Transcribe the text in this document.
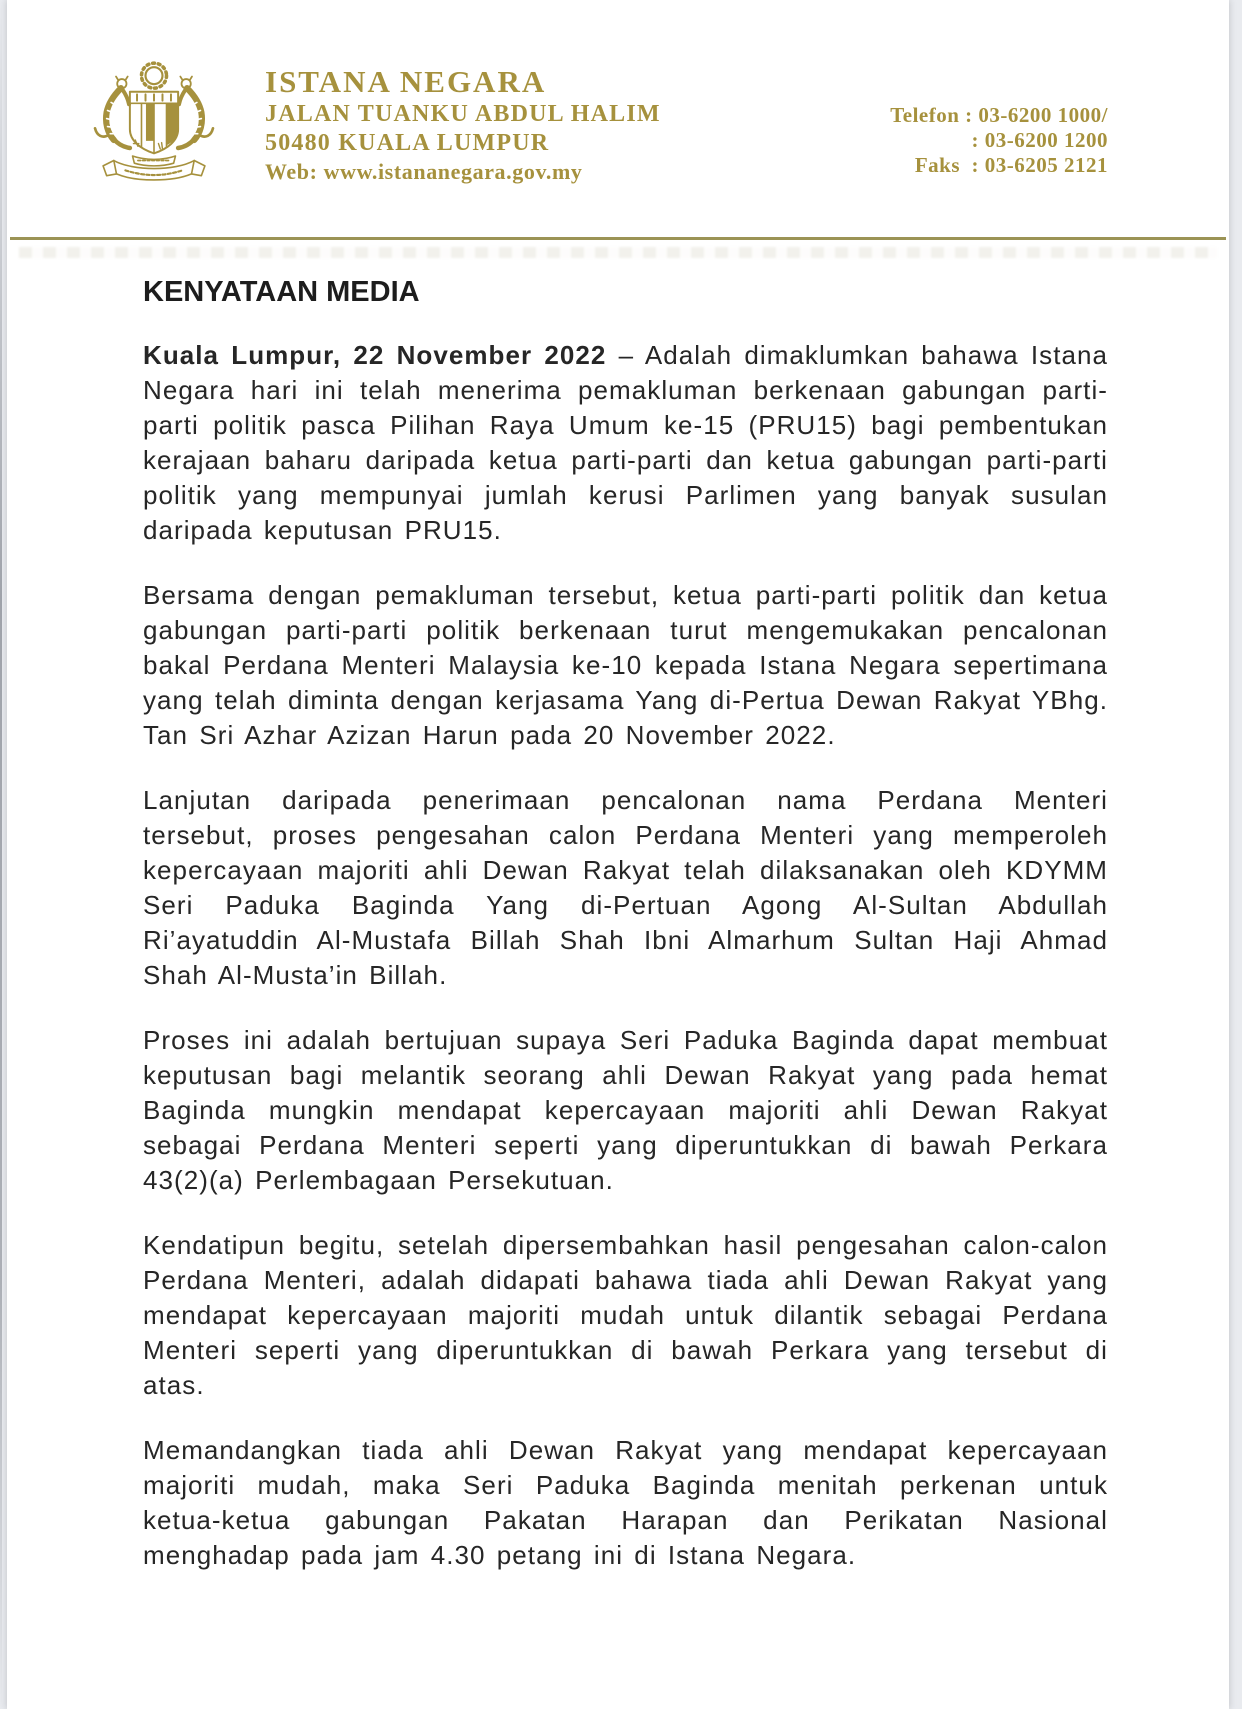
ISTANA NEGARA
JALAN TUANKU ABDUL HALIM
50480 KUALA LUMPUR
Web: www.istananegara.gov.my
Telefon : 03-6200 1000/
: 03-6200 1200
Faks  : 03-6205 2121
KENYATAAN MEDIA

Kuala Lumpur, 22 November 2022 – Adalah dimaklumkan bahawa Istana Negara hari ini telah menerima pemakluman berkenaan gabungan parti-parti politik pasca Pilihan Raya Umum ke-15 (PRU15) bagi pembentukan kerajaan baharu daripada ketua parti-parti dan ketua gabungan parti-parti politik yang mempunyai jumlah kerusi Parlimen yang banyak susulan daripada keputusan PRU15.

Bersama dengan pemakluman tersebut, ketua parti-parti politik dan ketua gabungan parti-parti politik berkenaan turut mengemukakan pencalonan bakal Perdana Menteri Malaysia ke-10 kepada Istana Negara sepertimana yang telah diminta dengan kerjasama Yang di-Pertua Dewan Rakyat YBhg. Tan Sri Azhar Azizan Harun pada 20 November 2022.

Lanjutan daripada penerimaan pencalonan nama Perdana Menteri tersebut, proses pengesahan calon Perdana Menteri yang memperoleh kepercayaan majoriti ahli Dewan Rakyat telah dilaksanakan oleh KDYMM Seri Paduka Baginda Yang di-Pertuan Agong Al-Sultan Abdullah Ri’ayatuddin Al-Mustafa Billah Shah Ibni Almarhum Sultan Haji Ahmad Shah Al-Musta’in Billah.

Proses ini adalah bertujuan supaya Seri Paduka Baginda dapat membuat keputusan bagi melantik seorang ahli Dewan Rakyat yang pada hemat Baginda mungkin mendapat kepercayaan majoriti ahli Dewan Rakyat sebagai Perdana Menteri seperti yang diperuntukkan di bawah Perkara 43(2)(a) Perlembagaan Persekutuan.

Kendatipun begitu, setelah dipersembahkan hasil pengesahan calon-calon Perdana Menteri, adalah didapati bahawa tiada ahli Dewan Rakyat yang mendapat kepercayaan majoriti mudah untuk dilantik sebagai Perdana Menteri seperti yang diperuntukkan di bawah Perkara yang tersebut di atas.

Memandangkan tiada ahli Dewan Rakyat yang mendapat kepercayaan majoriti mudah, maka Seri Paduka Baginda menitah perkenan untuk ketua-ketua gabungan Pakatan Harapan dan Perikatan Nasional menghadap pada jam 4.30 petang ini di Istana Negara.
